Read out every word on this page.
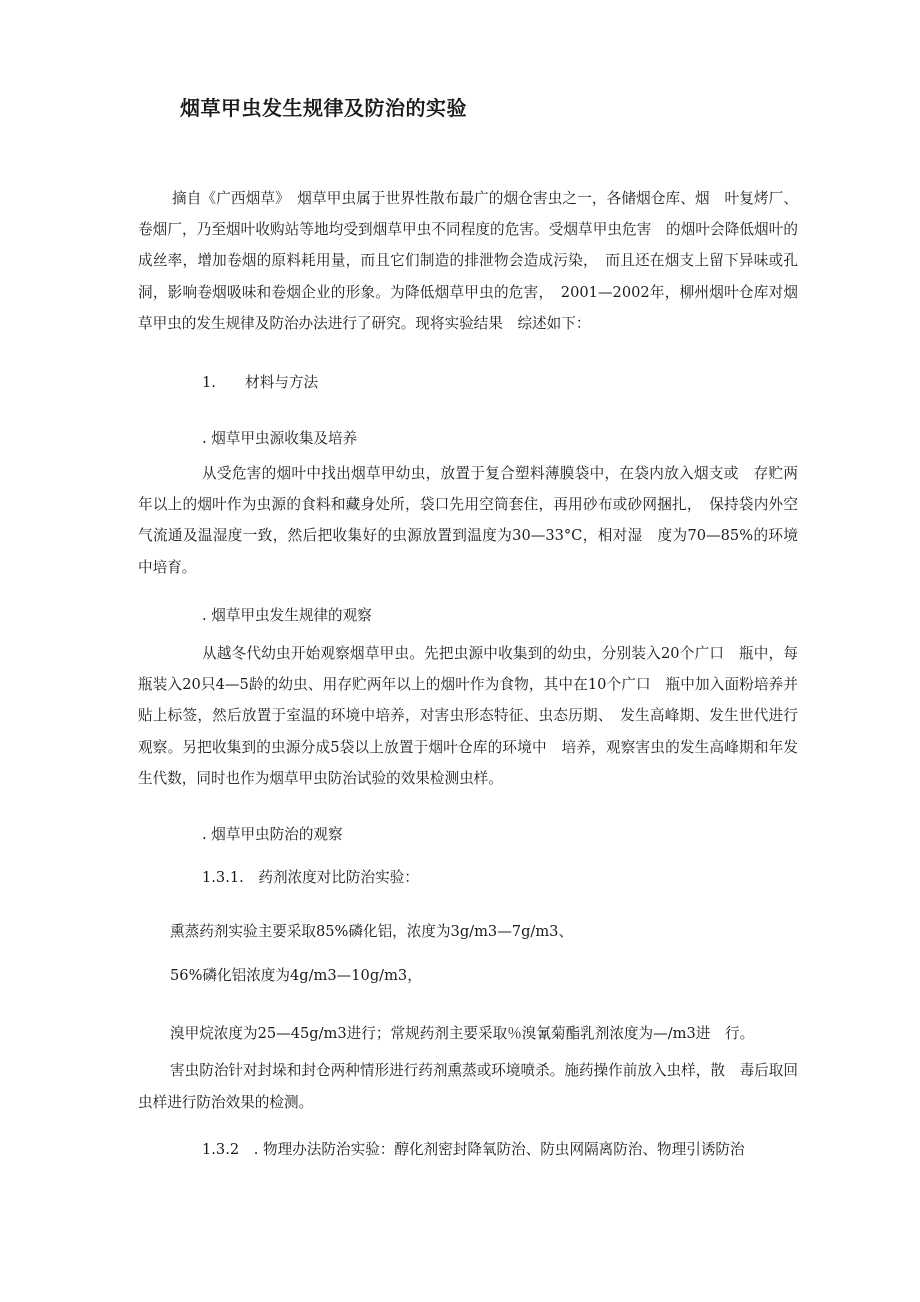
烟草甲虫发生规律及防治的实验

摘自《广西烟草》　烟草甲虫属于世界性散布最广的烟仓害虫之一，各储烟仓库、烟　叶复烤厂、卷烟厂，乃至烟叶收购站等地均受到烟草甲虫不同程度的危害。受烟草甲虫危害　的烟叶会降低烟叶的成丝率，增加卷烟的原料耗用量，而且它们制造的排泄物会造成污染，　而且还在烟支上留下异味或孔洞，影响卷烟吸味和卷烟企业的形象。为降低烟草甲虫的危害，　2001—2002年，柳州烟叶仓库对烟草甲虫的发生规律及防治办法进行了研究。现将实验结果　综述如下：

1.　　材料与方法

. 烟草甲虫源收集及培养

从受危害的烟叶中找出烟草甲幼虫，放置于复合塑料薄膜袋中，在袋内放入烟支或　存贮两年以上的烟叶作为虫源的食料和藏身处所，袋口先用空筒套住，再用砂布或砂网捆扎，　保持袋内外空气流通及温湿度一致，然后把收集好的虫源放置到温度为30—33°C，相对湿　度为70—85%的环境中培育。

. 烟草甲虫发生规律的观察

从越冬代幼虫开始观察烟草甲虫。先把虫源中收集到的幼虫，分别装入20个广口　瓶中，每瓶装入20只4—5龄的幼虫、用存贮两年以上的烟叶作为食物，其中在10个广口　瓶中加入面粉培养并贴上标签，然后放置于室温的环境中培养，对害虫形态特征、虫态历期、　发生高峰期、发生世代进行观察。另把收集到的虫源分成5袋以上放置于烟叶仓库的环境中　培养，观察害虫的发生高峰期和年发生代数，同时也作为烟草甲虫防治试验的效果检测虫样。

. 烟草甲虫防治的观察

1.3.1.　药剂浓度对比防治实验：

熏蒸药剂实验主要采取85%磷化铝，浓度为3g/m3—7g/m3、

56%磷化铝浓度为4g/m3—10g/m3，

溴甲烷浓度为25—45g/m3进行；常规药剂主要采取％溴氰菊酯乳剂浓度为—/m3进　行。

害虫防治针对封垛和封仓两种情形进行药剂熏蒸或环境喷杀。施药操作前放入虫样，散　毒后取回虫样进行防治效果的检测。

1.3.2　. 物理办法防治实验：醇化剂密封降氧防治、防虫网隔离防治、物理引诱防治
